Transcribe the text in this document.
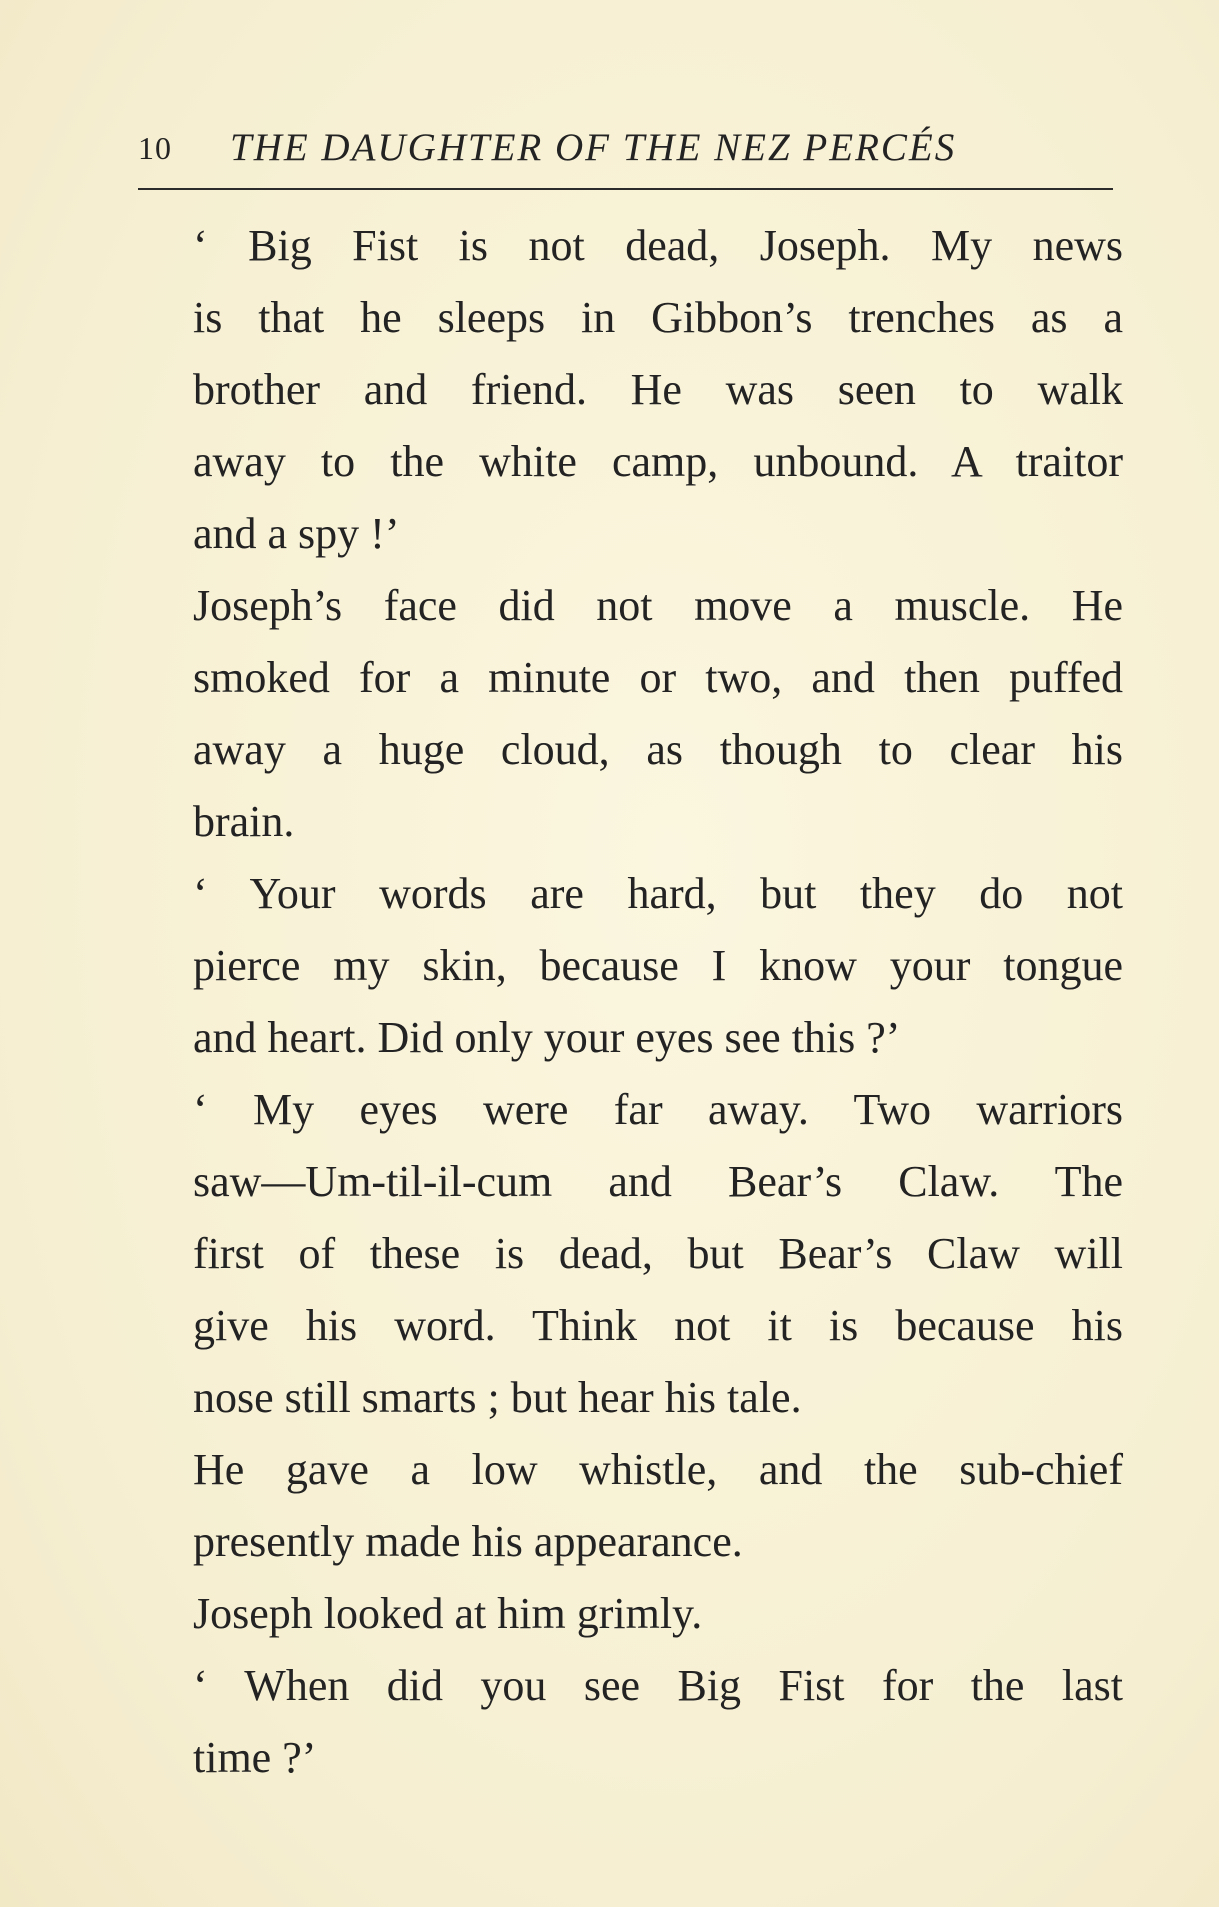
10 THE DAUGHTER OF THE NEZ PERCÉS

‘ Big Fist is not dead, Joseph. My news
is that he sleeps in Gibbon’s trenches as a
brother and friend. He was seen to walk
away to the white camp, unbound. A traitor
and a spy !’

Joseph’s face did not move a muscle. He
smoked for a minute or two, and then puffed
away a huge cloud, as though to clear his
brain.

‘ Your words are hard, but they do not
pierce my skin, because I know your tongue
and heart. Did only your eyes see this ?’

‘ My eyes were far away. Two warriors
saw—Um-til-il-cum and Bear’s Claw. The
first of these is dead, but Bear’s Claw will
give his word. Think not it is because his
nose still smarts ; but hear his tale.

He gave a low whistle, and the sub-chief
presently made his appearance.

Joseph looked at him grimly.

‘ When did you see Big Fist for the last
time ?’
